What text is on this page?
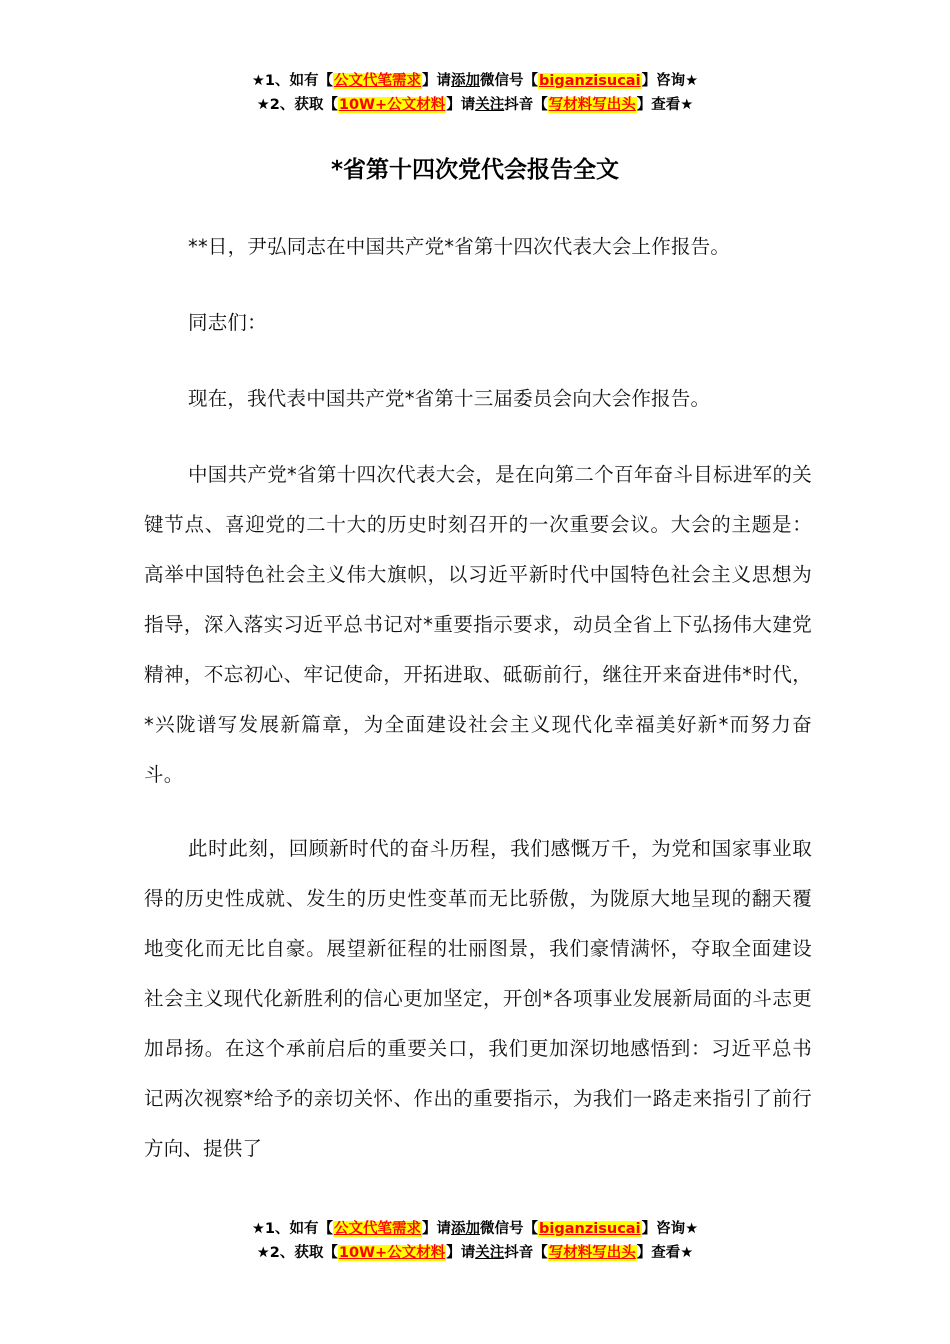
★1、如有【公文代笔需求】请添加微信号【biganzisucai】咨询★
★2、获取【10W+公文材料】请关注抖音【写材料写出头】查看★
*省第十四次党代会报告全文
**日，尹弘同志在中国共产党*省第十四次代表大会上作报告。
同志们：
现在，我代表中国共产党*省第十三届委员会向大会作报告。
中国共产党*省第十四次代表大会，是在向第二个百年奋斗目标进军的关键节点、喜迎党的二十大的历史时刻召开的一次重要会议。大会的主题是：高举中国特色社会主义伟大旗帜，以习近平新时代中国特色社会主义思想为指导，深入落实习近平总书记对*重要指示要求，动员全省上下弘扬伟大建党精神，不忘初心、牢记使命，开拓进取、砥砺前行，继往开来奋进伟*时代，*兴陇谱写发展新篇章，为全面建设社会主义现代化幸福美好新*而努力奋斗。
此时此刻，回顾新时代的奋斗历程，我们感慨万千，为党和国家事业取得的历史性成就、发生的历史性变革而无比骄傲，为陇原大地呈现的翻天覆地变化而无比自豪。展望新征程的壮丽图景，我们豪情满怀，夺取全面建设社会主义现代化新胜利的信心更加坚定，开创*各项事业发展新局面的斗志更加昂扬。在这个承前启后的重要关口，我们更加深切地感悟到：习近平总书记两次视察*给予的亲切关怀、作出的重要指示，为我们一路走来指引了前行方向、提供了
★1、如有【公文代笔需求】请添加微信号【biganzisucai】咨询★
★2、获取【10W+公文材料】请关注抖音【写材料写出头】查看★
